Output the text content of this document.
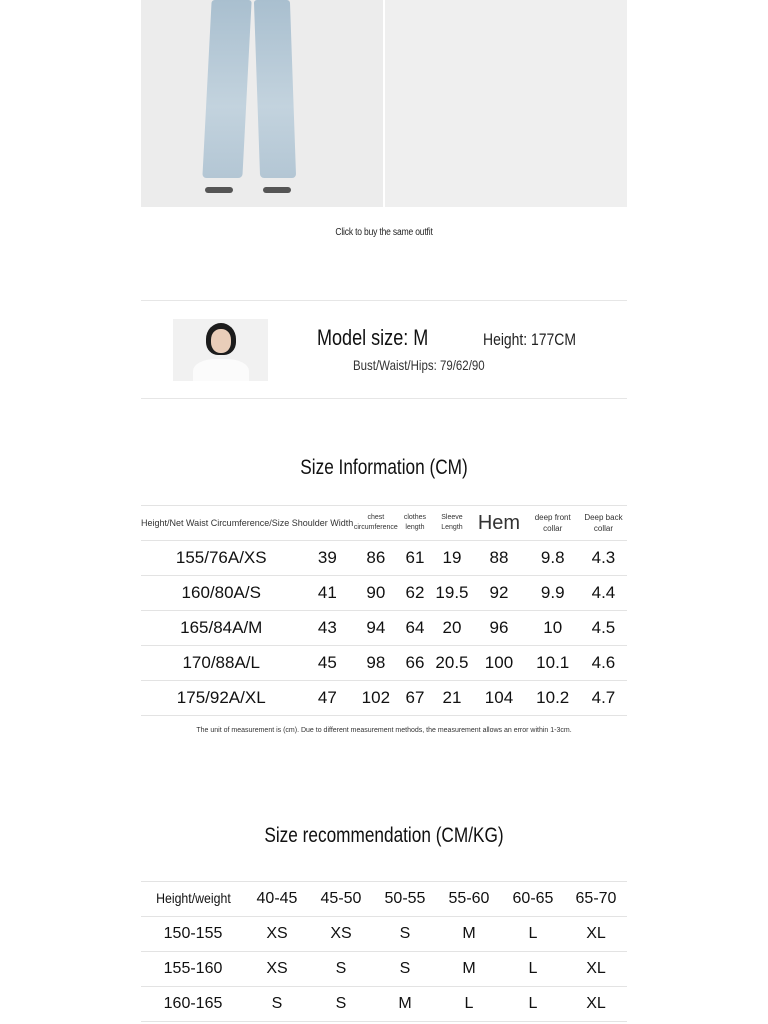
Click to buy the same outfit
Model size: M	Height: 177CM
Bust/Waist/Hips: 79/62/90
Size Information (CM)
Height/Net Waist Circumference/Size Shoulder Width		chest circumference	clothes length	Sleeve Length	Hem	deep front collar	Deep back collar
155/76A/XS	39	86	61	19	88	9.8	4.3
160/80A/S	41	90	62	19.5	92	9.9	4.4
165/84A/M	43	94	64	20	96	10	4.5
170/88A/L	45	98	66	20.5	100	10.1	4.6
175/92A/XL	47	102	67	21	104	10.2	4.7
The unit of measurement is (cm). Due to different measurement methods, the measurement allows an error within 1-3cm.
Size recommendation (CM/KG)
Height/weight	40-45	45-50	50-55	55-60	60-65	65-70
150-155	XS	XS	S	M	L	XL
155-160	XS	S	S	M	L	XL
160-165	S	S	M	L	L	XL
